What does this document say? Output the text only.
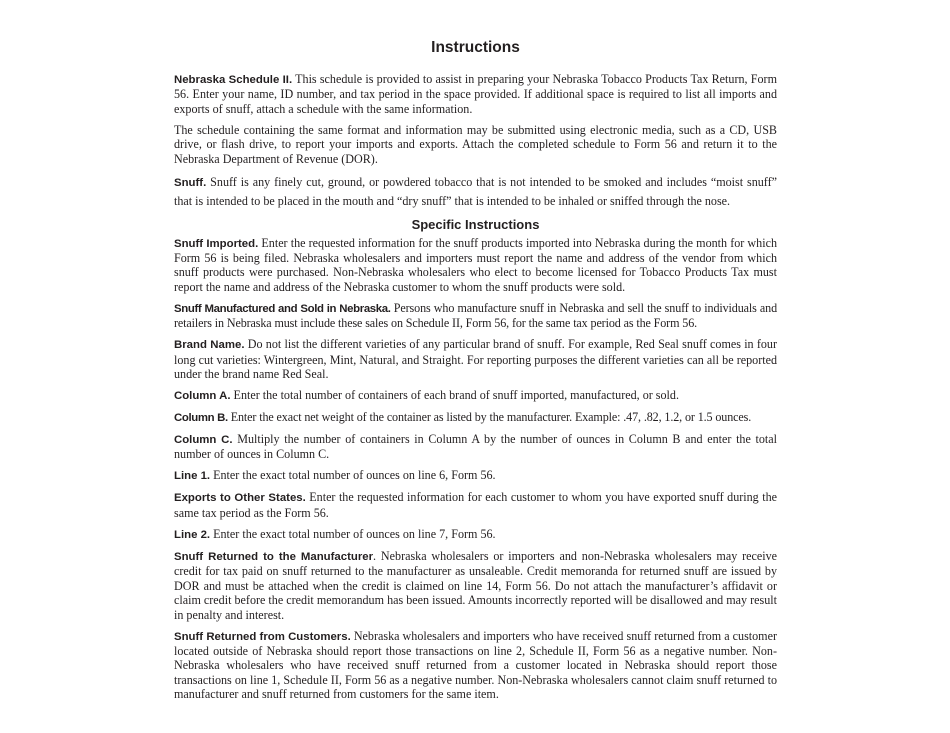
Instructions

Nebraska Schedule II. This schedule is provided to assist in preparing your Nebraska Tobacco Products Tax Return, Form 56. Enter your name, ID number, and tax period in the space provided. If additional space is required to list all imports and exports of snuff, attach a schedule with the same information.

The schedule containing the same format and information may be submitted using electronic media, such as a CD, USB drive, or flash drive, to report your imports and exports. Attach the completed schedule to Form 56 and return it to the Nebraska Department of Revenue (DOR).

Snuff. Snuff is any finely cut, ground, or powdered tobacco that is not intended to be smoked and includes “moist snuff” that is intended to be placed in the mouth and “dry snuff” that is intended to be inhaled or sniffed through the nose.

Specific Instructions

Snuff Imported. Enter the requested information for the snuff products imported into Nebraska during the month for which Form 56 is being filed. Nebraska wholesalers and importers must report the name and address of the vendor from which snuff products were purchased. Non-Nebraska wholesalers who elect to become licensed for Tobacco Products Tax must report the name and address of the Nebraska customer to whom the snuff products were sold.

Snuff Manufactured and Sold in Nebraska. Persons who manufacture snuff in Nebraska and sell the snuff to individuals and retailers in Nebraska must include these sales on Schedule II, Form 56, for the same tax period as the Form 56.

Brand Name. Do not list the different varieties of any particular brand of snuff. For example, Red Seal snuff comes in four long cut varieties: Wintergreen, Mint, Natural, and Straight. For reporting purposes the different varieties can all be reported under the brand name Red Seal.

Column A. Enter the total number of containers of each brand of snuff imported, manufactured, or sold.

Column B. Enter the exact net weight of the container as listed by the manufacturer. Example: .47, .82, 1.2, or 1.5 ounces.

Column C. Multiply the number of containers in Column A by the number of ounces in Column B and enter the total number of ounces in Column C.

Line 1. Enter the exact total number of ounces on line 6, Form 56.

Exports to Other States. Enter the requested information for each customer to whom you have exported snuff during the same tax period as the Form 56.

Line 2. Enter the exact total number of ounces on line 7, Form 56.

Snuff Returned to the Manufacturer. Nebraska wholesalers or importers and non-Nebraska wholesalers may receive credit for tax paid on snuff returned to the manufacturer as unsaleable. Credit memoranda for returned snuff are issued by DOR and must be attached when the credit is claimed on line 14, Form 56. Do not attach the manufacturer’s affidavit or claim credit before the credit memorandum has been issued. Amounts incorrectly reported will be disallowed and may result in penalty and interest.

Snuff Returned from Customers. Nebraska wholesalers and importers who have received snuff returned from a customer located outside of Nebraska should report those transactions on line 2, Schedule II, Form 56 as a negative number. Non-Nebraska wholesalers who have received snuff returned from a customer located in Nebraska should report those transactions on line 1, Schedule II, Form 56 as a negative number. Non-Nebraska wholesalers cannot claim snuff returned to manufacturer and snuff returned from customers for the same item.
